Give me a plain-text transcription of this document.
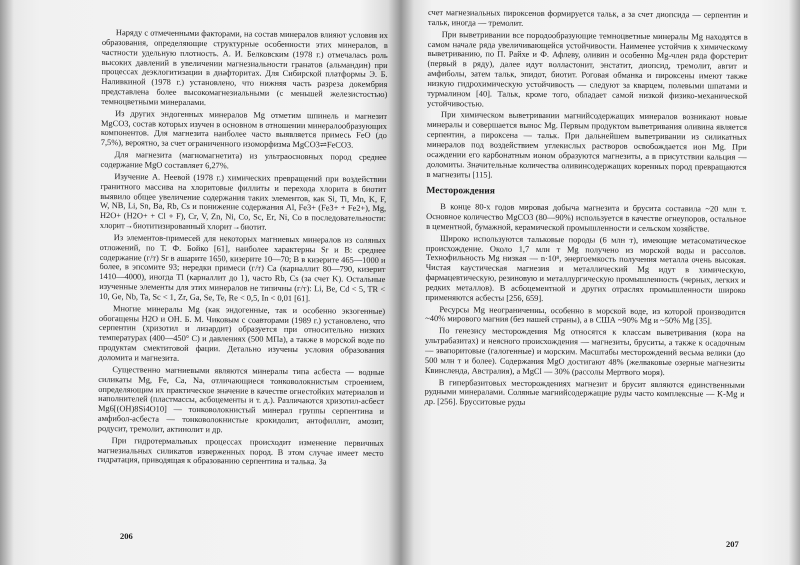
Наряду с отмеченными факторами, на состав минералов влияют условия их образования, определяющие структурные особенности этих минералов, в частности удельную плотность. А. И. Белковским (1978 г.) отмечалась роль высоких давлений в увеличении магнезиальности гранатов (альмандин) при процессах деэклогитизации в диафторитах. Для Сибирской платформы Э. Б. Наливкиной (1978 г.) установлено, что нижняя часть разреза докембрия представлена более высокомагнезиальными (с меньшей железистостью) темноцветными минералами.

Из других эндогенных минералов Mg отметим шпинель и магнезит MgCO3, состав которых изучен в основном в отношении минералообразующих компонентов. Для магнезита наиболее часто выявляется примесь FeO (до 7,5%), вероятно, за счет ограниченного изоморфизма MgCO3⇌FeCO3.

Для магнезита (магномагнетита) из ультраосновных пород среднее содержание MgO составляет 6,27%.

Изучение А. Неевой (1978 г.) химических превращений при воздействии гранитного массива на хлоритовые филлиты и перехода хлорита в биотит выявило общее увеличение содержания таких элементов, как Si, Ti, Mn, K, F, W, NB, Li, Sn, Ba, Rb, Cs и понижение содержания Al, Fe3+ (Fe3+ + Fe2+), Mg, H2O+ (H2O+ + Cl + F), Cr, V, Zn, Ni, Co, Sc, Er, Ni, Co в последовательности: хлорит→биотитизированный хлорит→биотит.

Из элементов-примесей для некоторых магниевых минералов из соляных отложений, по Т. Ф. Бойко [61], наиболее характерны Sr и B: среднее содержание (г/т) Sr в ашарите 1650, кизерите 10—70; B в кизерите 465—1000 и более, в эпсомите 93; нередки примеси (г/т) Ca (карналлит 80—790, кизерит 1410—4000), иногда Tl (карналлит до 1), часто Rb, Cs (за счет K). Остальные изученные элементы для этих минералов не типичны (г/т): Li, Be, Cd < 5, TR < 10, Ge, Nb, Ta, Sc < 1, Zr, Ga, Se, Te, Re < 0,5, In < 0,01 [61].

Многие минералы Mg (как эндогенные, так и особенно экзогенные) обогащены H2O и OH. Б. М. Чиковым с соавторами (1989 г.) установлено, что серпентин (хризотил и лизардит) образуется при относительно низких температурах (400—450° C) и давлениях (500 МПа), а также в морской воде по продуктам смектитовой фации. Детально изучены условия образования доломита и магнезита.

Существенно магниевыми являются минералы типа асбеста — водные силикаты Mg, Fe, Ca, Na, отличающиеся тонковолокнистым строением, определяющим их практическое значение в качестве огнестойких материалов и наполнителей (пластмассы, асбоцементы и т. д.). Различаются хризотил-асбест Mg6[(OH)8Si4O10] — тонковолокнистый минерал группы серпентина и амфибол-асбеста — тонковолокнистые крокидолит, антофиллит, амозит, родусит, тремолит, актинолит и др.

При гидротермальных процессах происходит изменение первичных магнезиальных силикатов изверженных пород. В этом случае имеет место гидратация, приводящая к образованию серпентина и талька. За

206

счет магнезиальных пироксенов формируется тальк, а за счет диопсида — серпентин и тальк, иногда — тремолит.

При выветривании все породообразующие темноцветные минералы Mg находятся в самом начале ряда увеличивающейся устойчивости. Наименее устойчив к химическому выветриванию, по П. Райхе и Ф. Афлеву, оливин и особенно Mg-член ряда форстерит (первый в ряду), далее идут волластонит, энстатит, диопсид, тремолит, авгит и амфиболы, затем тальк, эпидот, биотит. Роговая обманка и пироксены имеют также низкую гидрохимическую устойчивость — следуют за кварцем, полевыми шпатами и турмалином [40]. Тальк, кроме того, обладает самой низкой физико-механической устойчивостью.

При химическом выветривании магнийсодержащих минералов возникают новые минералы и совершается вынос Mg. Первым продуктом выветривания оливина является серпентин, а пироксена — тальк. При дальнейшем выветривании из силикатных минералов под воздействием углекислых растворов освобождается ион Mg. При осаждении его карбонатным ионом образуются магнезиты, а в присутствии кальция — доломиты. Значительные количества оливинсодержащих коренных пород превращаются в магнезиты [115].

Месторождения

В конце 80-х годов мировая добыча магнезита и брусита составила ~20 млн т. Основное количество MgCO3 (80—90%) используется в качестве огнеупоров, остальное в цементной, бумажной, керамической промышленности и сельском хозяйстве.

Широко используются тальковые породы (6 млн т), имеющие метасоматическое происхождение. Около 1,7 млн т Mg получено из морской воды и рассолов. Технофильность Mg низкая — n·10⁸, энергоемкость получения металла очень высокая. Чистая каустическая магнезия и металлический Mg идут в химическую, фармацевтическую, резиновую и металлургическую промышленность (черных, легких и редких металлов). В асбоцементной и других отраслях промышленности широко применяются асбесты [256, 659].

Ресурсы Mg неограниченны, особенно в морской воде, из которой производится ~40% мирового магния (без нашей страны), а в США ~90% Mg и ~50% Mg [35].

По генезису месторождения Mg относятся к классам выветривания (кора на ультрабазитах) и неясного происхождения — магнезиты, бруситы, а также к осадочным — эвапоритовые (галогенные) и морским. Масштабы месторождений весьма велики (до 500 млн т и более). Содержания MgO достигают 48% (желваковые озерные магнезиты Квинсленда, Австралия), а MgCl — 30% (рассолы Мертвого моря).

В гипербазитовых месторождениях магнезит и брусит являются единственными рудными минералами. Соляные магнийсодержащие руды часто комплексные — K-Mg и др. [256]. Брусситовые руды

207
